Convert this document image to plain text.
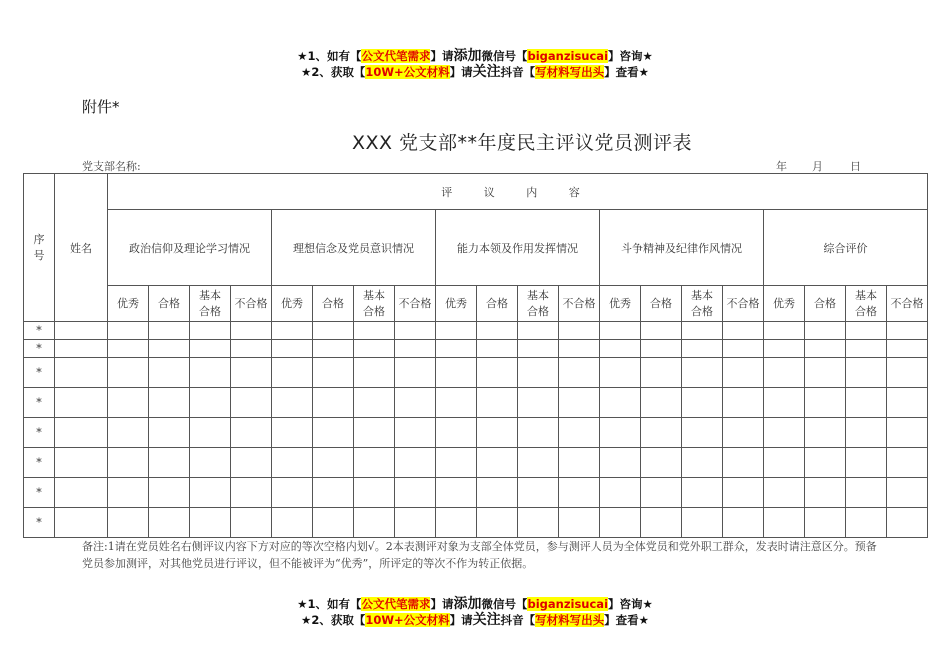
★1、如有【公文代笔需求】请添加微信号【biganzisucai】咨询★
★2、获取【10W+公文材料】请关注抖音【写材料写出头】查看★
附件*
XXX 党支部**年度民主评议党员测评表
党支部名称:	年 月 日
序号	姓名	评 议 内 容																			
		政治信仰及理论学习情况				理想信念及党员意识情况				能力本领及作用发挥情况				斗争精神及纪律作风情况				综合评价			
		优秀	合格	基本合格	不合格	优秀	合格	基本合格	不合格	优秀	合格	基本合格	不合格	优秀	合格	基本合格	不合格	优秀	合格	基本合格	不合格
*																					
*																					
*																					
*																					
*																					
*																					
*																					
*																					
备注:1请在党员姓名右侧评议内容下方对应的等次空格内划√。2本表测评对象为支部全体党员，参与测评人员为全体党员和党外职工群众，发表时请注意区分。预备党员参加测评，对其他党员进行评议，但不能被评为“优秀”，所评定的等次不作为转正依据。
★1、如有【公文代笔需求】请添加微信号【biganzisucai】咨询★
★2、获取【10W+公文材料】请关注抖音【写材料写出头】查看★
